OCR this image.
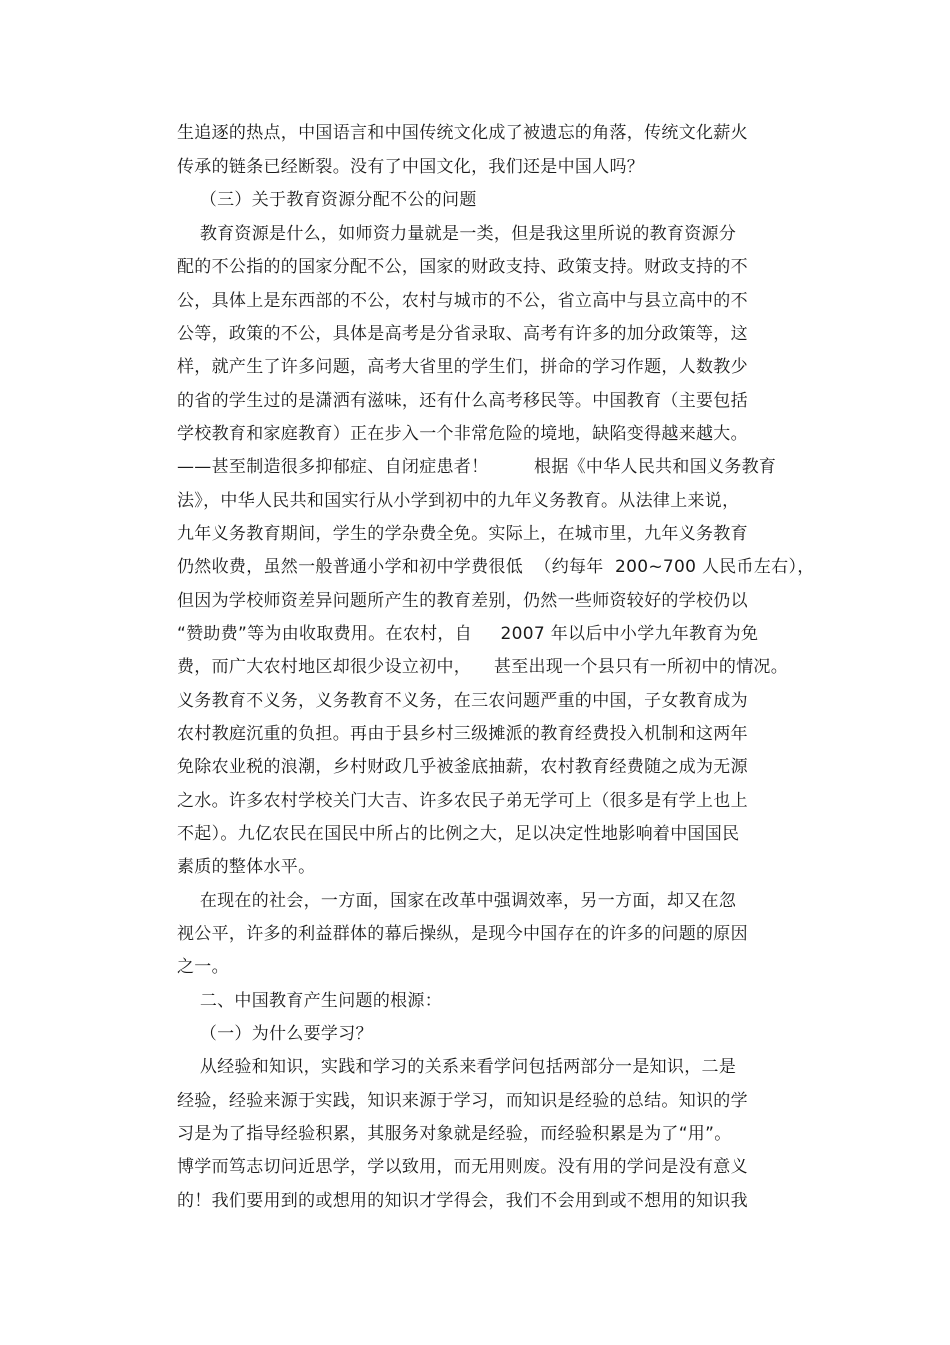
生追逐的热点，中国语言和中国传统文化成了被遗忘的角落，传统文化薪火
传承的链条已经断裂。没有了中国文化，我们还是中国人吗？
（三）关于教育资源分配不公的问题
教育资源是什么，如师资力量就是一类，但是我这里所说的教育资源分
配的不公指的的国家分配不公，国家的财政支持、政策支持。财政支持的不
公，具体上是东西部的不公，农村与城市的不公，省立高中与县立高中的不
公等，政策的不公，具体是高考是分省录取、高考有许多的加分政策等，这
样，就产生了许多问题，高考大省里的学生们，拼命的学习作题，人数教少
的省的学生过的是潇洒有滋味，还有什么高考移民等。中国教育（主要包括
学校教育和家庭教育）正在步入一个非常危险的境地，缺陷变得越来越大。
——甚至制造很多抑郁症、自闭症患者！        根据《中华人民共和国义务教育
法》，中华人民共和国实行从小学到初中的九年义务教育。从法律上来说，
九年义务教育期间，学生的学杂费全免。实际上，在城市里，九年义务教育
仍然收费，虽然一般普通小学和初中学费很低  （约每年  200~700 人民币左右），
但因为学校师资差异问题所产生的教育差别，仍然一些师资较好的学校仍以
“赞助费”等为由收取费用。在农村，自     2007 年以后中小学九年教育为免
费，而广大农村地区却很少设立初中，    甚至出现一个县只有一所初中的情况。
义务教育不义务，义务教育不义务，在三农问题严重的中国，子女教育成为
农村教庭沉重的负担。再由于县乡村三级摊派的教育经费投入机制和这两年
免除农业税的浪潮，乡村财政几乎被釜底抽薪，农村教育经费随之成为无源
之水。许多农村学校关门大吉、许多农民子弟无学可上（很多是有学上也上
不起）。九亿农民在国民中所占的比例之大，足以决定性地影响着中国国民
素质的整体水平。
在现在的社会，一方面，国家在改革中强调效率，另一方面，却又在忽
视公平，许多的利益群体的幕后操纵，是现今中国存在的许多的问题的原因
之一。
二、中国教育产生问题的根源：
（一）为什么要学习？
从经验和知识，实践和学习的关系来看学问包括两部分一是知识，二是
经验，经验来源于实践，知识来源于学习，而知识是经验的总结。知识的学
习是为了指导经验积累，其服务对象就是经验，而经验积累是为了“用”。
博学而笃志切问近思学，学以致用，而无用则废。没有用的学问是没有意义
的！我们要用到的或想用的知识才学得会，我们不会用到或不想用的知识我
